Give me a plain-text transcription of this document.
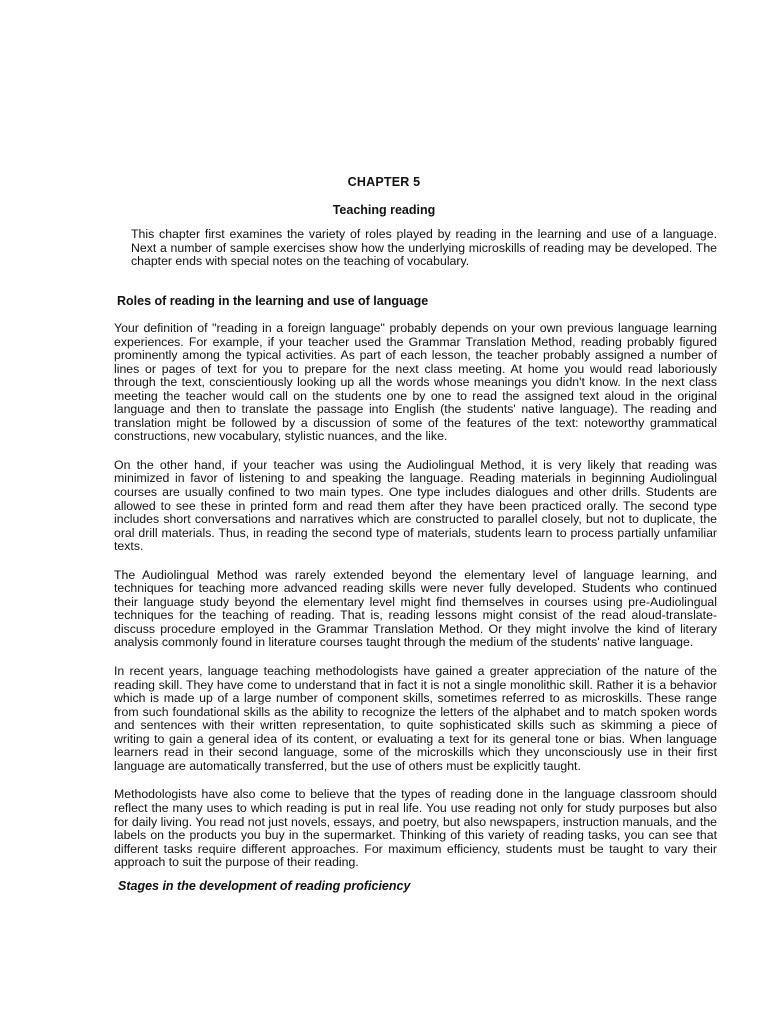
CHAPTER 5
Teaching reading

This chapter first examines the variety of roles played by reading in the learning and use of a language. Next a number of sample exercises show how the underlying microskills of reading may be developed. The chapter ends with special notes on the teaching of vocabulary.

Roles of reading in the learning and use of language

Your definition of "reading in a foreign language" probably depends on your own previous language learning experiences. For example, if your teacher used the Grammar Translation Method, reading probably figured prominently among the typical activities. As part of each lesson, the teacher probably assigned a number of lines or pages of text for you to prepare for the next class meeting. At home you would read laboriously through the text, conscientiously looking up all the words whose meanings you didn't know. In the next class meeting the teacher would call on the students one by one to read the assigned text aloud in the original language and then to translate the passage into English (the students' native language). The reading and translation might be followed by a discussion of some of the features of the text: noteworthy grammatical constructions, new vocabulary, stylistic nuances, and the like.

On the other hand, if your teacher was using the Audiolingual Method, it is very likely that reading was minimized in favor of listening to and speaking the language. Reading materials in beginning Audiolingual courses are usually confined to two main types. One type includes dialogues and other drills. Students are allowed to see these in printed form and read them after they have been practiced orally. The second type includes short conversations and narratives which are constructed to parallel closely, but not to duplicate, the oral drill materials. Thus, in reading the second type of materials, students learn to process partially unfamiliar texts.

The Audiolingual Method was rarely extended beyond the elementary level of language learning, and techniques for teaching more advanced reading skills were never fully developed. Students who continued their language study beyond the elementary level might find themselves in courses using pre-Audiolingual techniques for the teaching of reading. That is, reading lessons might consist of the read aloud-translate-discuss procedure employed in the Grammar Translation Method. Or they might involve the kind of literary analysis commonly found in literature courses taught through the medium of the students' native language.

In recent years, language teaching methodologists have gained a greater appreciation of the nature of the reading skill. They have come to understand that in fact it is not a single monolithic skill. Rather it is a behavior which is made up of a large number of component skills, sometimes referred to as microskills. These range from such foundational skills as the ability to recognize the letters of the alphabet and to match spoken words and sentences with their written representation, to quite sophisticated skills such as skimming a piece of writing to gain a general idea of its content, or evaluating a text for its general tone or bias. When language learners read in their second language, some of the microskills which they unconsciously use in their first language are automatically transferred, but the use of others must be explicitly taught.

Methodologists have also come to believe that the types of reading done in the language classroom should reflect the many uses to which reading is put in real life. You use reading not only for study purposes but also for daily living. You read not just novels, essays, and poetry, but also newspapers, instruction manuals, and the labels on the products you buy in the supermarket. Thinking of this variety of reading tasks, you can see that different tasks require different approaches. For maximum efficiency, students must be taught to vary their approach to suit the purpose of their reading.

Stages in the development of reading proficiency
